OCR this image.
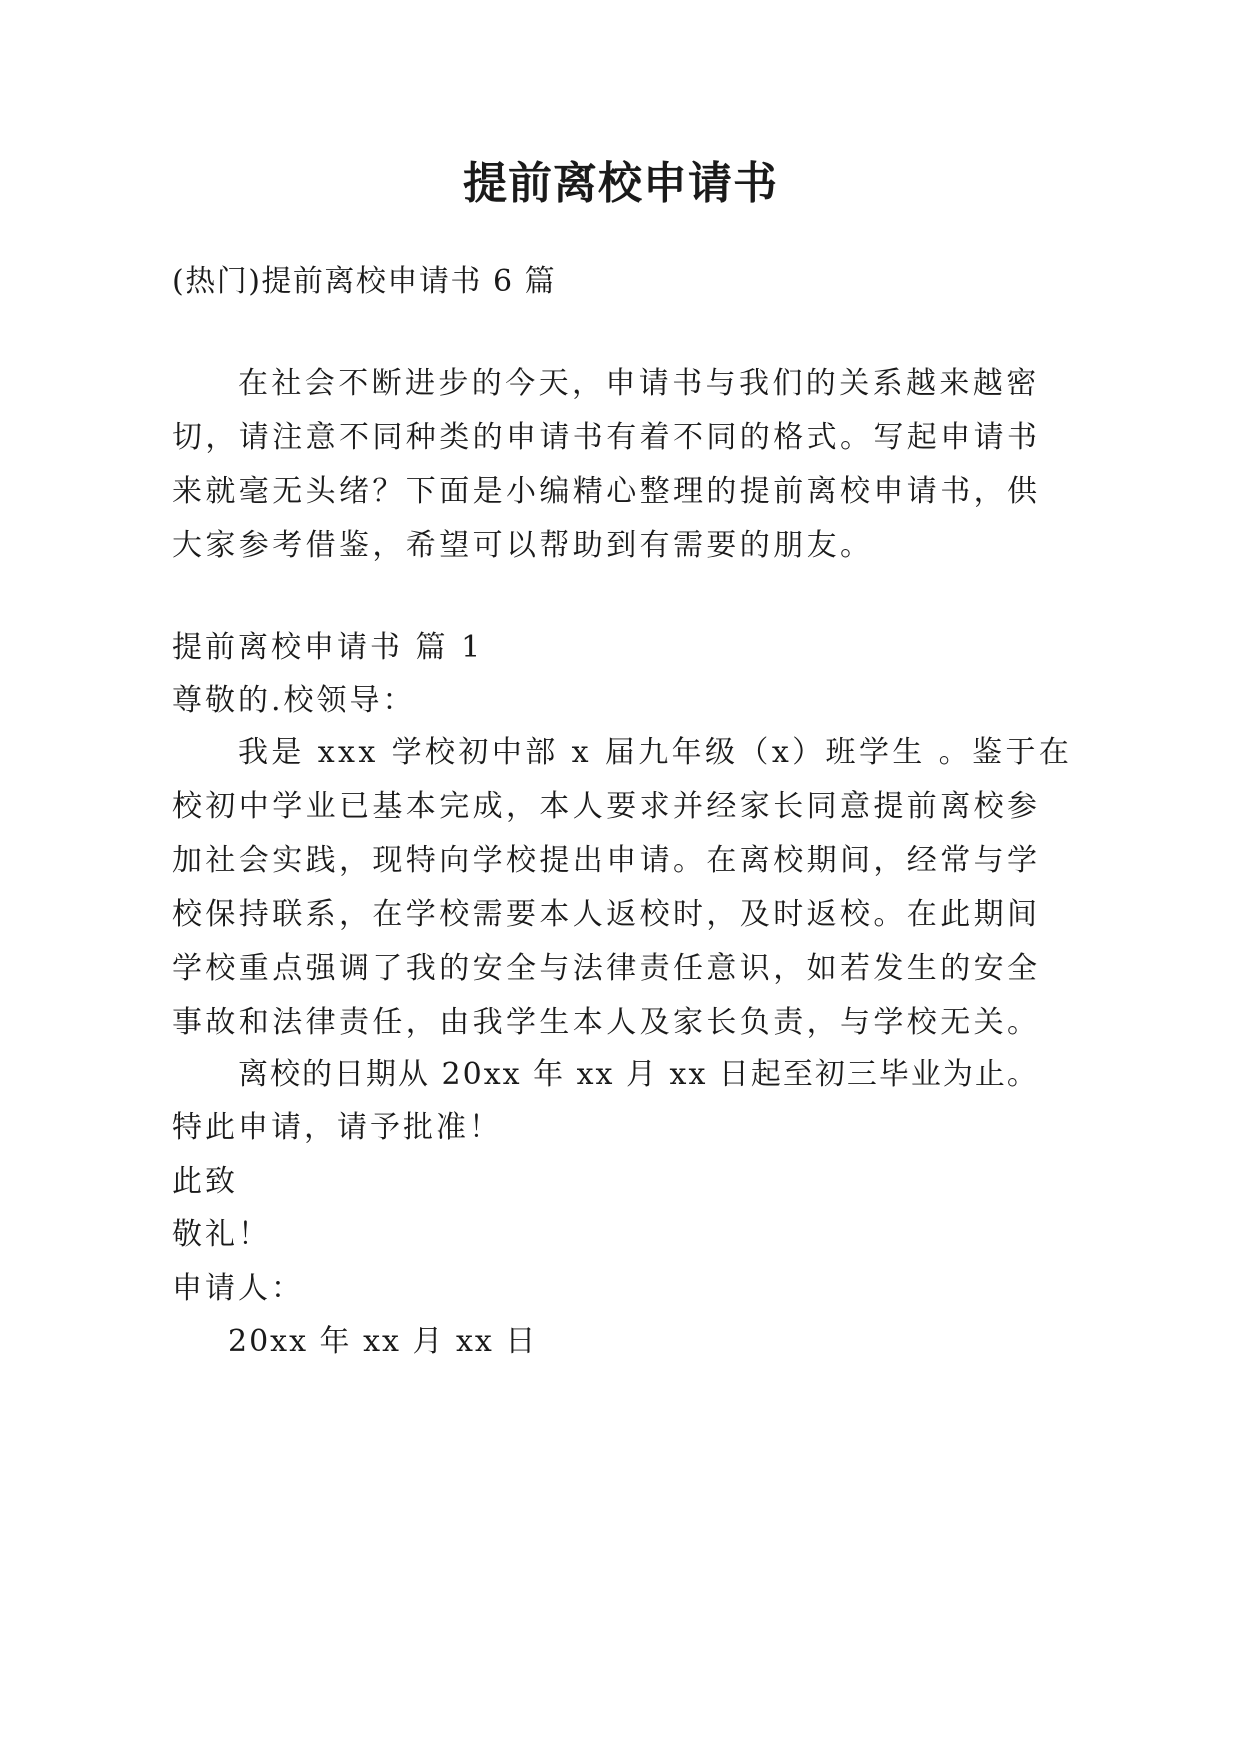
提前离校申请书
(热门)提前离校申请书 6 篇
在社会不断进步的今天，申请书与我们的关系越来越密
切，请注意不同种类的申请书有着不同的格式。写起申请书
来就毫无头绪？下面是小编精心整理的提前离校申请书，供
大家参考借鉴，希望可以帮助到有需要的朋友。
提前离校申请书 篇 1
尊敬的.校领导：
我是 xxx 学校初中部 x 届九年级（x）班学生 。鉴于在
校初中学业已基本完成，本人要求并经家长同意提前离校参
加社会实践，现特向学校提出申请。在离校期间，经常与学
校保持联系，在学校需要本人返校时，及时返校。在此期间
学校重点强调了我的安全与法律责任意识，如若发生的安全
事故和法律责任，由我学生本人及家长负责，与学校无关。
离校的日期从 20xx 年 xx 月 xx 日起至初三毕业为止。
特此申请，请予批准！
此致
敬礼！
申请人：
20xx 年 xx 月 xx 日
